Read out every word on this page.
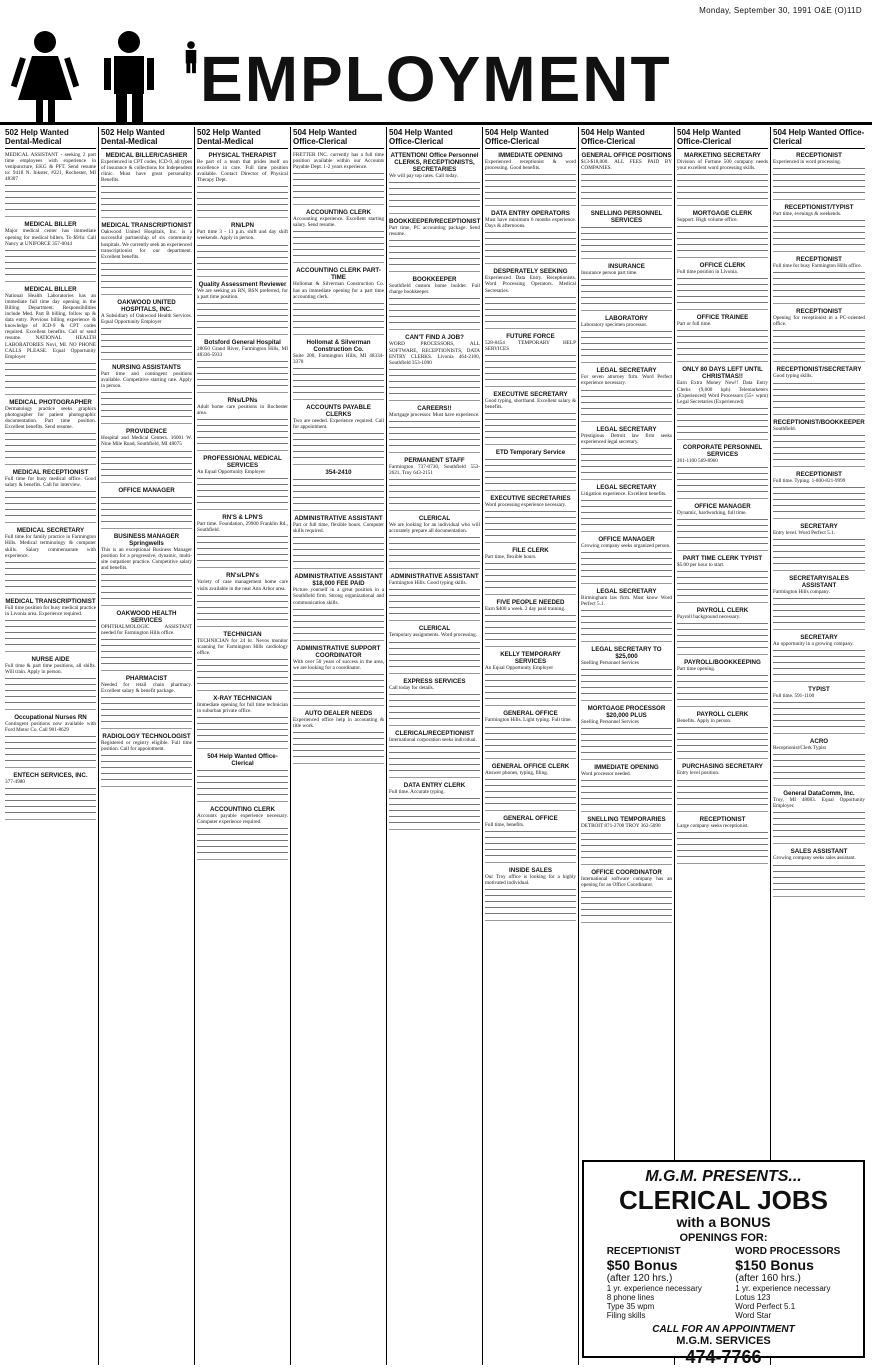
Monday, September 30, 1991 O&E (O)11D
EMPLOYMENT
502 Help Wanted Dental-Medical
MEDICAL ASSISTANT - seeking 2 part time employees with experience in venipuncture, EKG & PFT. Send resume to: 9418 N. Inkster, #221, Rochester, MI 48307
MEDICAL BILLER
Major medical center has immediate opening for medical billers. To $9/hr. Call Nancy at UNIFORCE 357-0044
MEDICAL BILLER
National Health Laboratories has an immediate full time day opening in the Billing Department. Responsibilities include Med. Part B billing, follow up & data entry. Previous billing experience & knowledge of ICD-9 & CPT codes required. Excellent benefits. Call or send resume. NATIONAL HEALTH LABORATORIES Novi, MI. NO PHONE CALLS PLEASE. Equal Opportunity Employer
MEDICAL PHOTOGRAPHER
Dermatology practice seeks graphics photographer for patient photographic documentation. Part time position. Excellent benefits. Send resume.
MEDICAL RECEPTIONIST
Full time for busy medical office. Good salary & benefits. Call for interview.
MEDICAL SECRETARY
Full time for family practice in Farmington Hills. Medical terminology & computer skills. Salary commensurate with experience.
MEDICAL TRANSCRIPTIONIST
Full time position for busy medical practice in Livonia area. Experience required.
NURSE AIDE
Full time & part time positions, all shifts. Will train. Apply in person.
Occupational Nurses RN
Contingent positions now available with Ford Motor Co. Call 981-8629
ENTECH SERVICES, INC.
377-4980
502 Help Wanted Dental-Medical
MEDICAL BILLER/CASHIER
Experienced in CPT codes, ICD-9, all types of insurance & collections for Independent clinic. Must have great personality. Benefits.
MEDICAL TRANSCRIPTIONIST
Oakwood United Hospitals, Inc. is a successful partnership of six community hospitals. We currently seek an experienced transcriptionist for our department. Excellent benefits.
OAKWOOD UNITED HOSPITALS, INC.
A Subsidiary of Oakwood Health Services. Equal Opportunity Employer
NURSING ASSISTANTS
Part time and contingent positions available. Competitive starting rate. Apply in person.
PROVIDENCE
Hospital and Medical Centers. 16001 W. Nine Mile Road, Southfield, MI 48075
OFFICE MANAGER
BUSINESS MANAGER Springwells
This is an exceptional Business Manager position for a progressive, dynamic, multi-site outpatient practice. Competitive salary and benefits.
OAKWOOD HEALTH SERVICES
OPHTHALMOLOGIC ASSISTANT needed for Farmington Hills office.
PHARMACIST
Needed for retail chain pharmacy. Excellent salary & benefit package.
RADIOLOGY TECHNOLOGIST
Registered or registry eligible. Full time position. Call for appointment.
502 Help Wanted Dental-Medical
PHYSICAL THERAPIST
Be part of a team that prides itself on excellence in care. Full time position available. Contact Director of Physical Therapy Dept.
RN/LPN
Part time 3 - 11 p.m. shift and day shift weekends. Apply in person.
Quality Assessment Reviewer
We are seeking an RN, BSN preferred, for a part time position.
Botsford General Hospital
28050 Grand River, Farmington Hills, MI 48336-5933
RNs/LPNs
Adult home care positions in Rochester area.
PROFESSIONAL MEDICAL SERVICES
An Equal Opportunity Employer
RN'S & LPN'S
Part time. Foundation, 29900 Franklin Rd., Southfield.
RN's/LPN's
Variety of case management home care visits available in the near Ann Arbor area.
TECHNICIAN
TECHNICIAN for 24 hr. Nevos monitor scanning for Farmington Hills cardiology office.
X-RAY TECHNICIAN
Immediate opening for full time technician in suburban private office.
504 Help Wanted Office-Clerical
ACCOUNTING CLERK
Accounts payable experience necessary. Computer experience required.
504 Help Wanted Office-Clerical
FRETTER INC. currently has a full time position available within our Accounts Payable Dept. 1-2 years experience.
ACCOUNTING CLERK
Accounting experience. Excellent starting salary. Send resume.
ACCOUNTING CLERK PART-TIME
Hollomat & Silverman Construction Co. has an immediate opening for a part time accounting clerk.
Hollomat & Silverman Construction Co.
Suite 200, Farmington Hills, MI 48334-3370
ACCOUNTS PAYABLE CLERKS
Two are needed. Experience required. Call for appointment.
354-2410
ADMINISTRATIVE ASSISTANT
Part or full time, flexible hours. Computer skills required.
ADMINISTRATIVE ASSISTANT $18,000 FEE PAID
Picture yourself in a great position in a Southfield firm. Strong organizational and communication skills.
ADMINISTRATIVE SUPPORT COORDINATOR
With over 50 years of success in the area, we are looking for a coordinator.
AUTO DEALER NEEDS
Experienced office help in accounting & title work.
504 Help Wanted Office-Clerical
ATTENTION! Office Personnel CLERKS, RECEPTIONISTS, SECRETARIES
We will pay top rates. Call today.
BOOKKEEPER/RECEPTIONIST
Part time, PC accounting package. Send resume.
BOOKKEEPER
Southfield custom home builder. Full charge bookkeeper.
CAN'T FIND A JOB?
WORD PROCESSORS, ALL SOFTWARE, RECEPTIONISTS, DATA ENTRY CLERKS. Livonia 464-2100, Southfield 353-1090
CAREERS!!
Mortgage processor. Must have experience.
PERMANENT STAFF
Farmington 737-0730, Southfield 553-2621, Troy 643-2151
CLERICAL
We are looking for an individual who will accurately prepare all documentation.
ADMINISTRATIVE ASSISTANT
Farmington Hills. Good typing skills.
CLERICAL
Temporary assignments. Word processing.
EXPRESS SERVICES
Call today for details.
CLERICAL/RECEPTIONIST
International corporation seeks individual.
DATA ENTRY CLERK
Full time. Accurate typing.
504 Help Wanted Office-Clerical
IMMEDIATE OPENING
Experienced receptionist & word processing. Good benefits.
DATA ENTRY OPERATORS
Must have minimum 6 months experience. Days & afternoons.
DESPERATELY SEEKING
Experienced Data Entry. Receptionists. Word Processing Operators. Medical Secretaries.
FUTURE FORCE
528-8454 TEMPORARY HELP SERVICES
EXECUTIVE SECRETARY
Good typing, shorthand. Excellent salary & benefits.
ETD Temporary Service
EXECUTIVE SECRETARIES
Word processing experience necessary.
FILE CLERK
Part time, flexible hours.
FIVE PEOPLE NEEDED
Earn $400 a week. 2 day paid training.
KELLY TEMPORARY SERVICES
An Equal Opportunity Employer
GENERAL OFFICE
Farmington Hills. Light typing. Full time.
GENERAL OFFICE CLERK
Answer phones, typing, filing.
GENERAL OFFICE
Full time, benefits.
INSIDE SALES
Our Troy office is looking for a highly motivated individual.
504 Help Wanted Office-Clerical
GENERAL OFFICE POSITIONS
$13-$18,000. ALL FEES PAID BY COMPANIES.
SNELLING PERSONNEL SERVICES
INSURANCE
Insurance person part time.
LABORATORY
Laboratory specimen processor.
LEGAL SECRETARY
For seven attorney firm. Word Perfect experience necessary.
LEGAL SECRETARY
Prestigious Detroit law firm seeks experienced legal secretary.
LEGAL SECRETARY
Litigation experience. Excellent benefits.
OFFICE MANAGER
Growing company seeks organized person.
LEGAL SECRETARY
Birmingham law firm. Must know Word Perfect 5.1.
LEGAL SECRETARY TO $25,000
Snelling Personnel Services
MORTGAGE PROCESSOR $20,000 PLUS
Snelling Personnel Services
IMMEDIATE OPENING
Word processor needed.
SNELLING TEMPORARIES
DETROIT 871-2700 TROY 362-5090
OFFICE COORDINATOR
International software company has an opening for an Office Coordinator.
504 Help Wanted Office-Clerical
MARKETING SECRETARY
Division of Fortune 500 company needs your excellent word processing skills.
MORTGAGE CLERK
Support. High volume office.
OFFICE CLERK
Full time position in Livonia.
OFFICE TRAINEE
Part or full time.
ONLY 80 DAYS LEFT UNTIL CHRISTMAS!!
Earn Extra Money Now!! Data Entry Clerks (9,000 kph) Telemarketers (Experienced) Word Processors (55+ wpm) Legal Secretaries (Experienced)
CORPORATE PERSONNEL SERVICES
261-1100 569-8960
OFFICE MANAGER
Dynamic, hardworking, full time.
PART TIME CLERK TYPIST
$5.00 per hour to start.
PAYROLL CLERK
Payroll background necessary.
PAYROLL/BOOKKEEPING
Part time opening.
PAYROLL CLERK
Benefits. Apply in person.
PURCHASING SECRETARY
Entry level position.
RECEPTIONIST
Large company seeks receptionist.
504 Help Wanted Office-Clerical
RECEPTIONIST
Experienced in word processing.
RECEPTIONIST/TYPIST
Part time, evenings & weekends.
RECEPTIONIST
Full time for busy Farmington Hills office.
RECEPTIONIST
Opening for receptionist in a PC-oriented office.
RECEPTIONIST/SECRETARY
Good typing skills.
RECEPTIONIST/BOOKKEEPER
Southfield.
RECEPTIONIST
Full time. Typing. 1-800-821-9999
SECRETARY
Entry level. Word Perfect 5.1.
SECRETARY/SALES ASSISTANT
Farmington Hills company.
SECRETARY
An opportunity in a growing company.
TYPIST
Full time. 591-1100
ACRO
Receptionist/Clerk Typist
General DataComm, Inc.
Troy, MI 48083. Equal Opportunity Employer.
SALES ASSISTANT
Growing company seeks sales assistant.
M.G.M. PRESENTS...
CLERICAL JOBS
with a BONUS
OPENINGS FOR:
RECEPTIONIST
$50 Bonus
(after 120 hrs.)
1 yr. experience necessary
8 phone lines
Type 35 wpm
Filing skills
WORD PROCESSORS
$150 Bonus
(after 160 hrs.)
1 yr. experience necessary
Lotus 123
Word Perfect 5.1
Word Star
CALL FOR AN APPOINTMENT
M.G.M. SERVICES
474-7766
